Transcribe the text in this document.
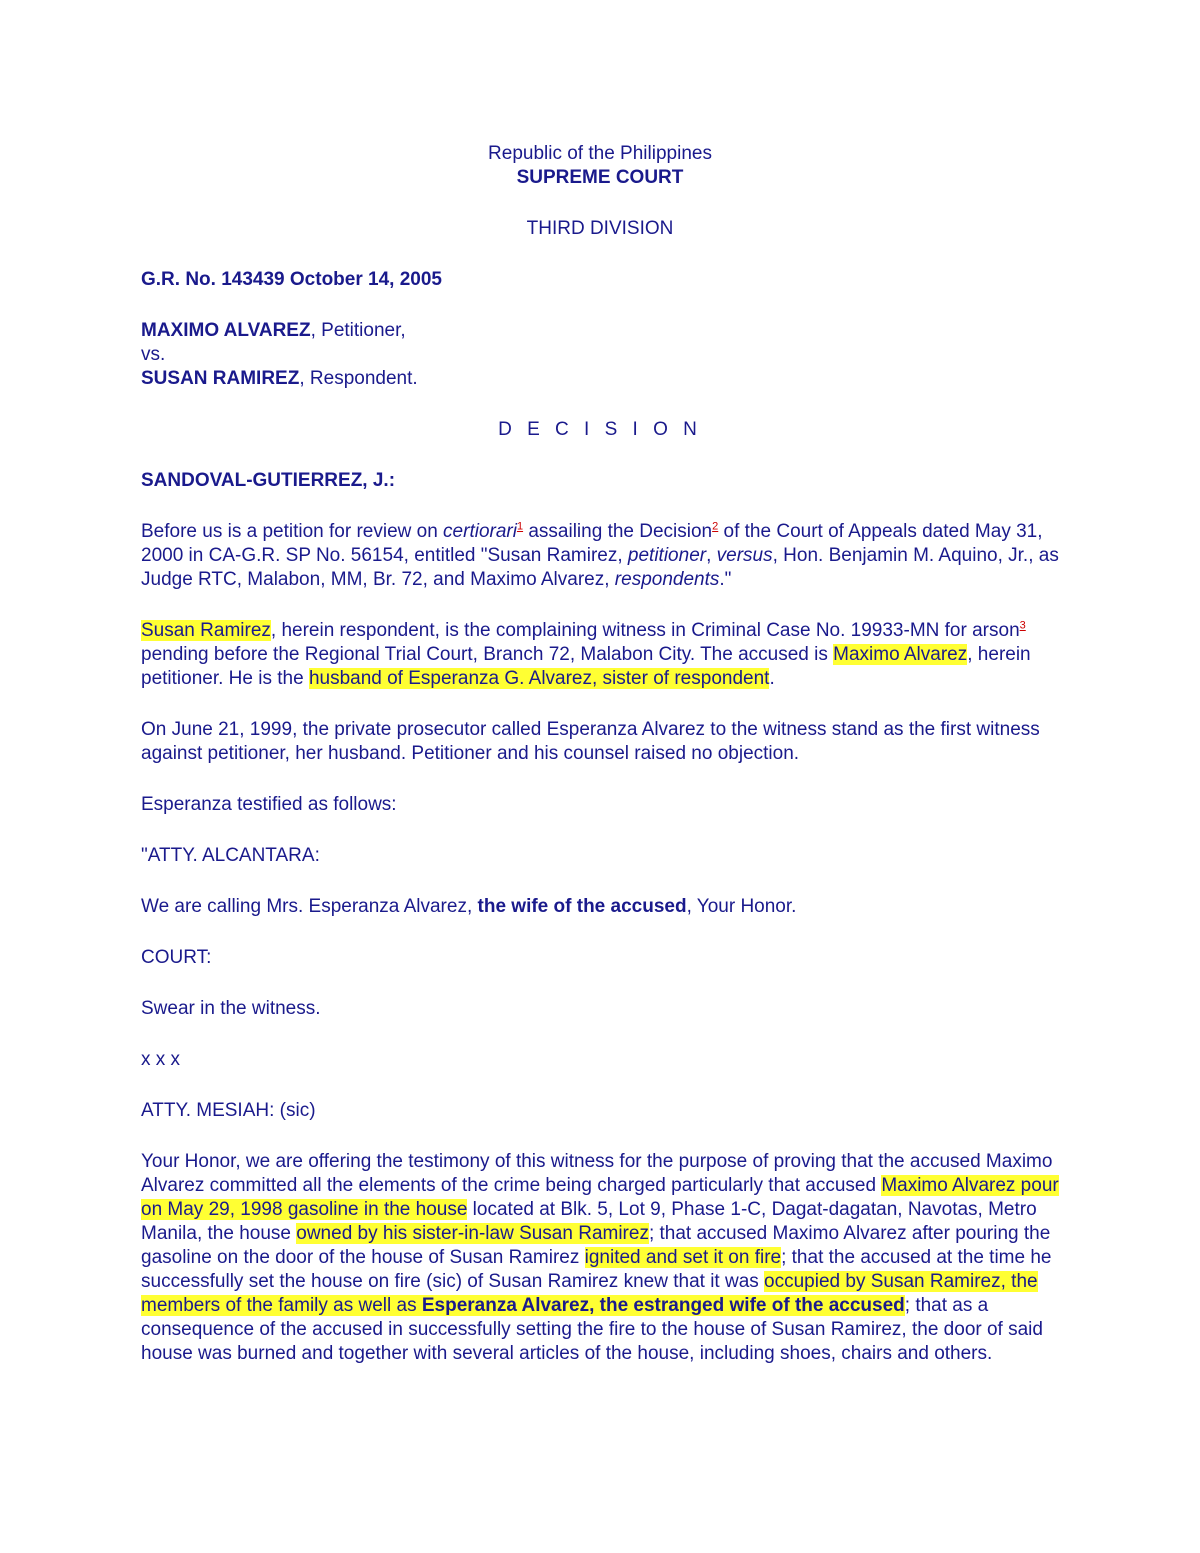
Republic of the Philippines
SUPREME COURT
THIRD DIVISION
G.R. No. 143439 October 14, 2005
MAXIMO ALVAREZ, Petitioner,
vs.
SUSAN RAMIREZ, Respondent.
D E C I S I O N
SANDOVAL-GUTIERREZ, J.:

Before us is a petition for review on certiorari$^1$ assailing the Decision$^2$ of the Court of Appeals dated May 31, 2000 in CA-G.R. SP No. 56154, entitled "Susan Ramirez, petitioner, versus, Hon. Benjamin M. Aquino, Jr., as Judge RTC, Malabon, MM, Br. 72, and Maximo Alvarez, respondents."

Susan Ramirez, herein respondent, is the complaining witness in Criminal Case No. 19933-MN for arson$^3$ pending before the Regional Trial Court, Branch 72, Malabon City. The accused is Maximo Alvarez, herein petitioner. He is the husband of Esperanza G. Alvarez, sister of respondent.

On June 21, 1999, the private prosecutor called Esperanza Alvarez to the witness stand as the first witness against petitioner, her husband. Petitioner and his counsel raised no objection.

Esperanza testified as follows:

"ATTY. ALCANTARA:

We are calling Mrs. Esperanza Alvarez, the wife of the accused, Your Honor.

COURT:

Swear in the witness.

x x x

ATTY. MESIAH: (sic)

Your Honor, we are offering the testimony of this witness for the purpose of proving that the accused Maximo Alvarez committed all the elements of the crime being charged particularly that accused Maximo Alvarez pour on May 29, 1998 gasoline in the house located at Blk. 5, Lot 9, Phase 1-C, Dagat-dagatan, Navotas, Metro Manila, the house owned by his sister-in-law Susan Ramirez; that accused Maximo Alvarez after pouring the gasoline on the door of the house of Susan Ramirez ignited and set it on fire; that the accused at the time he successfully set the house on fire (sic) of Susan Ramirez knew that it was occupied by Susan Ramirez, the members of the family as well as Esperanza Alvarez, the estranged wife of the accused; that as a consequence of the accused in successfully setting the fire to the house of Susan Ramirez, the door of said house was burned and together with several articles of the house, including shoes, chairs and others.
